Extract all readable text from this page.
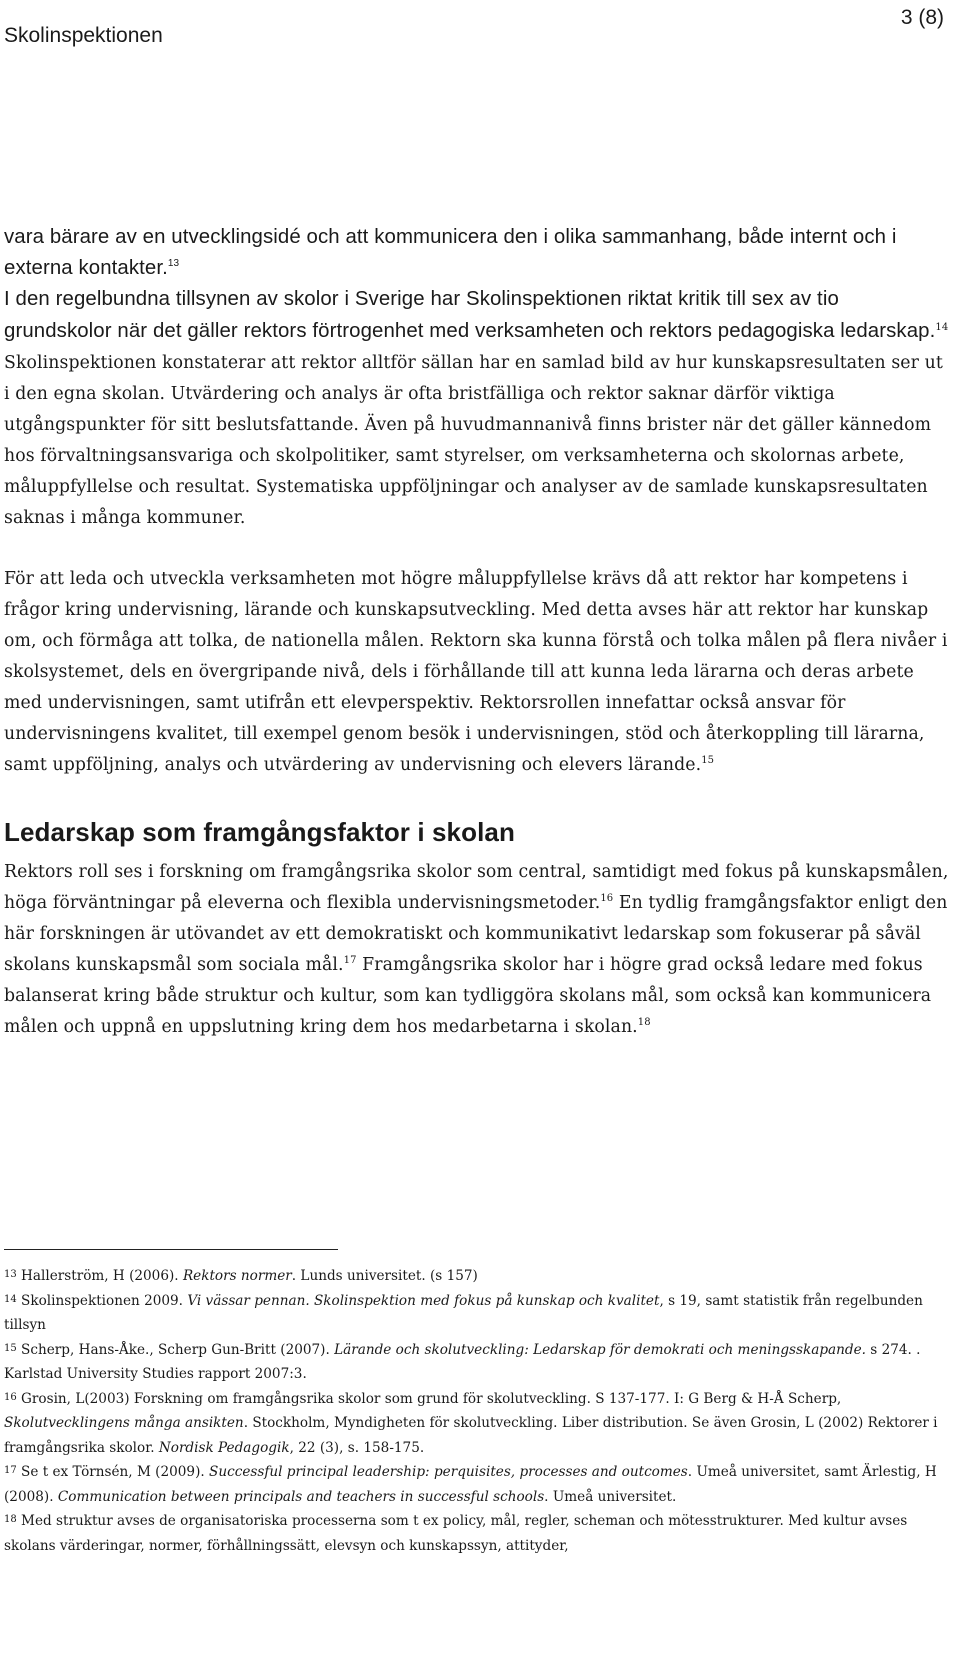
Skolinspektionen
3 (8)

vara bärare av en utvecklingsidé och att kommunicera den i olika sammanhang, både internt och i externa kontakter.$^{13}$

I den regelbundna tillsynen av skolor i Sverige har Skolinspektionen riktat kritik till sex av tio grundskolor när det gäller rektors förtrogenhet med verksamheten och rektors pedagogiska ledarskap.$^{14}$ Skolinspektionen konstaterar att rektor alltför sällan har en samlad bild av hur kunskapsresultaten ser ut i den egna skolan. Utvärdering och analys är ofta bristfälliga och rektor saknar därför viktiga utgångspunkter för sitt beslutsfattande. Även på huvudmannanivå finns brister när det gäller kännedom hos förvaltningsansvariga och skolpolitiker, samt styrelser, om verksamheterna och skolornas arbete, måluppfyllelse och resultat. Systematiska uppföljningar och analyser av de samlade kunskapsresultaten saknas i många kommuner.

För att leda och utveckla verksamheten mot högre måluppfyllelse krävs då att rektor har kompetens i frågor kring undervisning, lärande och kunskapsutveckling. Med detta avses här att rektor har kunskap om, och förmåga att tolka, de nationella målen. Rektorn ska kunna förstå och tolka målen på flera nivåer i skolsystemet, dels en övergripande nivå, dels i förhållande till att kunna leda lärarna och deras arbete med undervisningen, samt utifrån ett elevperspektiv. Rektorsrollen innefattar också ansvar för undervisningens kvalitet, till exempel genom besök i undervisningen, stöd och återkoppling till lärarna, samt uppföljning, analys och utvärdering av undervisning och elevers lärande.$^{15}$

Ledarskap som framgångsfaktor i skolan

Rektors roll ses i forskning om framgångsrika skolor som central, samtidigt med fokus på kunskapsmålen, höga förväntningar på eleverna och flexibla undervisningsmetoder.$^{16}$ En tydlig framgångsfaktor enligt den här forskningen är utövandet av ett demokratiskt och kommunikativt ledarskap som fokuserar på såväl skolans kunskapsmål som sociala mål.$^{17}$ Framgångsrika skolor har i högre grad också ledare med fokus balanserat kring både struktur och kultur, som kan tydliggöra skolans mål, som också kan kommunicera målen och uppnå en uppslutning kring dem hos medarbetarna i skolan.$^{18}$

$^{13}$ Hallerström, H (2006). Rektors normer. Lunds universitet. (s 157)

$^{14}$ Skolinspektionen 2009. Vi vässar pennan. Skolinspektion med fokus på kunskap och kvalitet, s 19, samt statistik från regelbunden tillsyn

$^{15}$ Scherp, Hans-Åke., Scherp Gun-Britt (2007). Lärande och skolutveckling: Ledarskap för demokrati och meningsskapande. s 274. . Karlstad University Studies rapport 2007:3.

$^{16}$ Grosin, L(2003) Forskning om framgångsrika skolor som grund för skolutveckling. S 137-177. I: G Berg & H-Å Scherp, Skolutvecklingens många ansikten. Stockholm, Myndigheten för skolutveckling. Liber distribution. Se även Grosin, L (2002) Rektorer i framgångsrika skolor. Nordisk Pedagogik, 22 (3), s. 158-175.

$^{17}$ Se t ex Törnsén, M (2009). Successful principal leadership: perquisites, processes and outcomes. Umeå universitet, samt Ärlestig, H (2008). Communication between principals and teachers in successful schools. Umeå universitet.

$^{18}$ Med struktur avses de organisatoriska processerna som t ex policy, mål, regler, scheman och mötesstrukturer. Med kultur avses skolans värderingar, normer, förhållningssätt, elevsyn och kunskapssyn, attityder,
